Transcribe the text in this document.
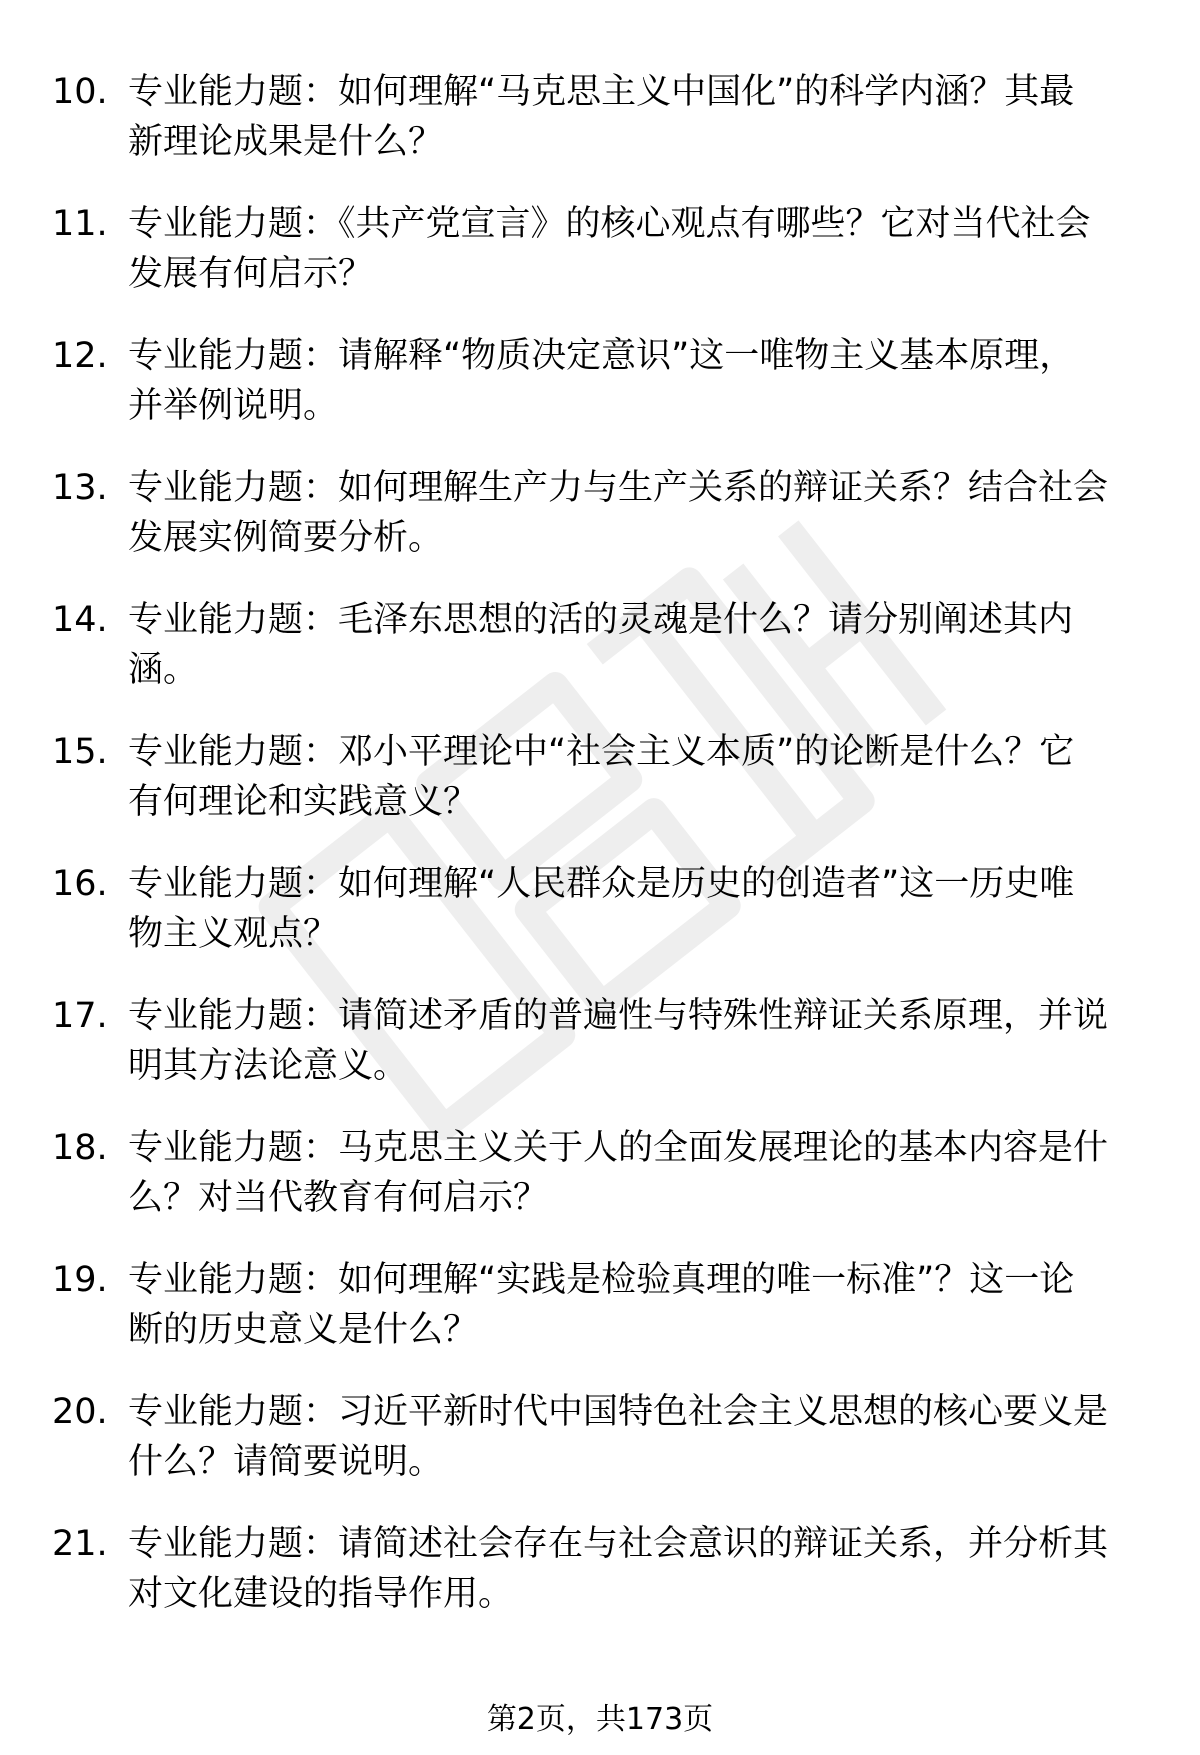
10. 专业能力题：如何理解“马克思主义中国化”的科学内涵？其最
新理论成果是什么？
11. 专业能力题：《共产党宣言》的核心观点有哪些？它对当代社会
发展有何启示？
12. 专业能力题：请解释“物质决定意识”这一唯物主义基本原理，
并举例说明。
13. 专业能力题：如何理解生产力与生产关系的辩证关系？结合社会
发展实例简要分析。
14. 专业能力题：毛泽东思想的活的灵魂是什么？请分别阐述其内
涵。
15. 专业能力题：邓小平理论中“社会主义本质”的论断是什么？它
有何理论和实践意义？
16. 专业能力题：如何理解“人民群众是历史的创造者”这一历史唯
物主义观点？
17. 专业能力题：请简述矛盾的普遍性与特殊性辩证关系原理，并说
明其方法论意义。
18. 专业能力题：马克思主义关于人的全面发展理论的基本内容是什
么？对当代教育有何启示？
19. 专业能力题：如何理解“实践是检验真理的唯一标准”？这一论
断的历史意义是什么？
20. 专业能力题：习近平新时代中国特色社会主义思想的核心要义是
什么？请简要说明。
21. 专业能力题：请简述社会存在与社会意识的辩证关系，并分析其
对文化建设的指导作用。
第2页，共173页
